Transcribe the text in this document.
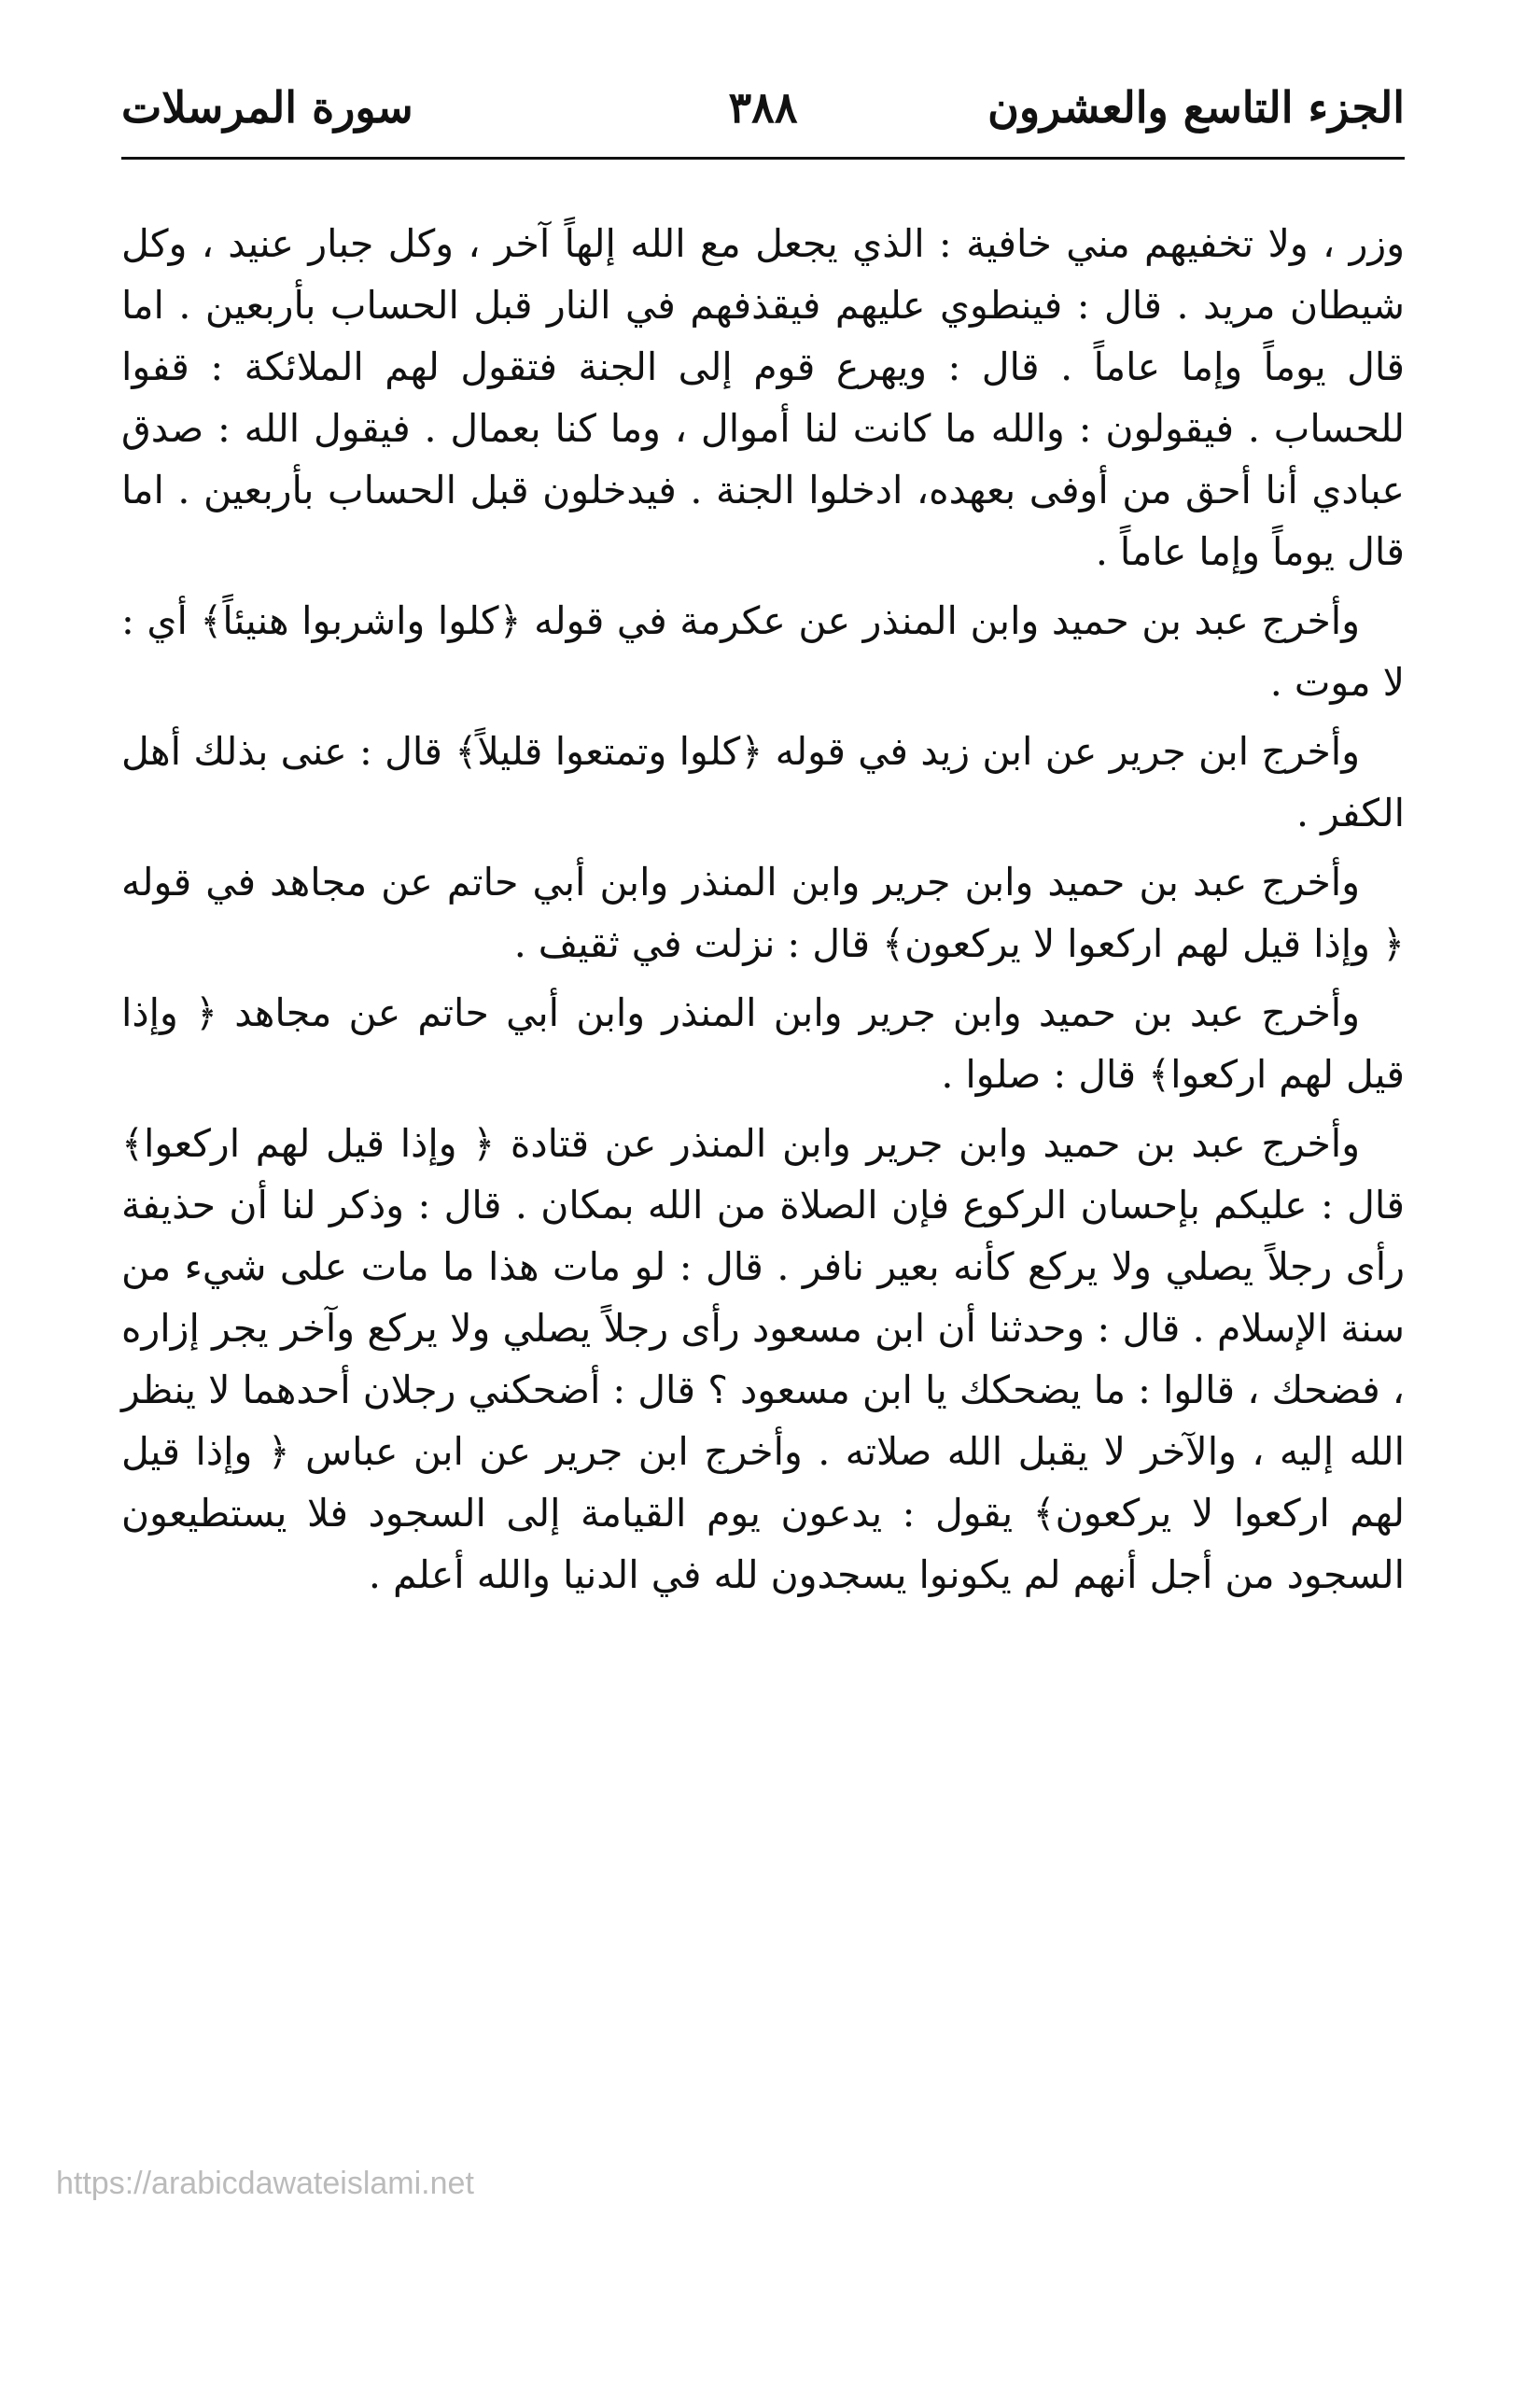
الجزء التاسع والعشرون
٣٨٨
سورة المرسلات

وزر ، ولا تخفيهم مني خافية : الذي يجعل مع الله إلهاً آخر ، وكل جبار عنيد ، وكل شيطان مريد . قال : فينطوي عليهم فيقذفهم في النار قبل الحساب بأربعين . اما قال يوماً وإما عاماً . قال : ويهرع قوم إلى الجنة فتقول لهم الملائكة : قفوا للحساب . فيقولون : والله ما كانت لنا أموال ، وما كنا بعمال . فيقول الله : صدق عبادي أنا أحق من أوفى بعهده، ادخلوا الجنة . فيدخلون قبل الحساب بأربعين . اما قال يوماً وإما عاماً .

وأخرج عبد بن حميد وابن المنذر عن عكرمة في قوله ﴿كلوا واشربوا هنيئاً﴾ أي : لا موت .

وأخرج ابن جرير عن ابن زيد في قوله ﴿كلوا وتمتعوا قليلاً﴾ قال : عنى بذلك أهل الكفر .

وأخرج عبد بن حميد وابن جرير وابن المنذر وابن أبي حاتم عن مجاهد في قوله ﴿ وإذا قيل لهم اركعوا لا يركعون﴾ قال : نزلت في ثقيف .

وأخرج عبد بن حميد وابن جرير وابن المنذر وابن أبي حاتم عن مجاهد ﴿ وإذا قيل لهم اركعوا﴾ قال : صلوا .

وأخرج عبد بن حميد وابن جرير وابن المنذر عن قتادة ﴿ وإذا قيل لهم اركعوا﴾ قال : عليكم بإحسان الركوع فإن الصلاة من الله بمكان . قال : وذكر لنا أن حذيفة رأى رجلاً يصلي ولا يركع كأنه بعير نافر . قال : لو مات هذا ما مات على شيء من سنة الإسلام . قال : وحدثنا أن ابن مسعود رأى رجلاً يصلي ولا يركع وآخر يجر إزاره ، فضحك ، قالوا : ما يضحكك يا ابن مسعود ؟ قال : أضحكني رجلان أحدهما لا ينظر الله إليه ، والآخر لا يقبل الله صلاته . وأخرج ابن جرير عن ابن عباس ﴿ وإذا قيل لهم اركعوا لا يركعون﴾ يقول : يدعون يوم القيامة إلى السجود فلا يستطيعون السجود من أجل أنهم لم يكونوا يسجدون لله في الدنيا والله أعلم .

https://arabicdawateislami.net
